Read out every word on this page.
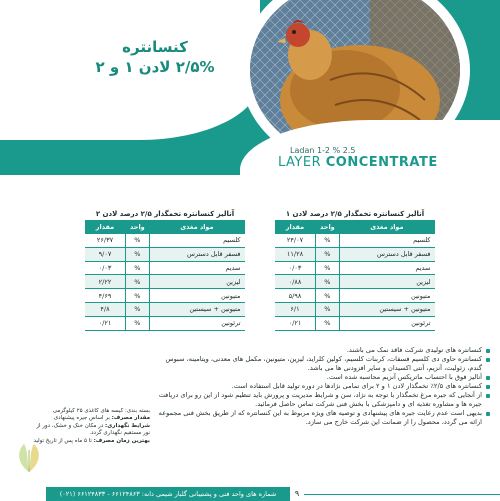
کنسانتره
۲/۵% لادن ۱ و ۲
Ladan 1-2 % 2.5
LAYER CONCENTRATE
آنالیز کنسانتره تخمگذار ۲/۵ درصد لادن ۱
مواد مغذی	واحد	مقدار
کلسیم	%	۲۴/۰۷
فسفر قابل دسترس	%	۱۱/۲۸
سدیم	%	۰/۰۳
لیزین	%	۰/۸۸
متیونین	%	۵/۹۸
متیونین + سیستین	%	۶/۱
ترئونین	%	۰/۲۱
آنالیز کنسانتره تخمگذار ۲/۵ درصد لادن ۲
مواد مغذی	واحد	مقدار
کلسیم	%	۲۶/۳۷
فسفر قابل دسترس	%	۹/۰۷
سدیم	%	۰/۰۳
لیزین	%	۲/۲۲
متیونین	%	۴/۶۹
متیونین + سیستین	%	۴/۸
ترئونین	%	۰/۲۱
کنسانتره های تولیدی شرکت فاقد نمک می باشند.
کنسانتره حاوی دی کلسیم فسفات، کربنات کلسیم، کولین کلراید، لیزین، متیونین، مکمل های معدنی، ویتامینه، سبوس گندم، زئولیت، آنزیم، آنتی اکسیدان و سایر افزودنی ها می باشد.
آنالیز فوق با احتساب ماتریکس آنزیم محاسبه شده است.
کنسانتره های ۲/۵٪ تخمگذار لادن ۱ و ۲ برای تمامی نژادها در دوره تولید قابل استفاده است.
از آنجایی که جیره مرغ تخمگذار با توجه به نژاد، سن و شرایط مدیریت و پرورش باید تنظیم شود از این رو برای دریافت جیره ها و مشاوره تغذیه ای و دامپزشکی با بخش فنی شرکت تماس حاصل فرمائید.
بدیهی است عدم رعایت جیره های پیشنهادی و توصیه های ویژه مربوط به این کنسانتره که از طریق بخش فنی مجموعه ارائه می گردد، محصول را از ضمانت این شرکت خارج می سازد.
بسته بندی: کیسه های کاغذی ۲۵ کیلوگرمی
مقدار مصرف: بر اساس جیره پیشنهادی
شرایط نگهداری: در مکان خنک و خشک، دور از
نور مستقیم نگهداری گردد.
بهترین زمان مصرف: تا ۵ ماه پس از تاریخ تولید
شماره های واحد فنی و پشتیبانی گلبار شیمی دانه: ۶۶۱۲۴۸۶۳ - ۶۶۱۲۴۸۳۳ (۰۲۱)	۹
